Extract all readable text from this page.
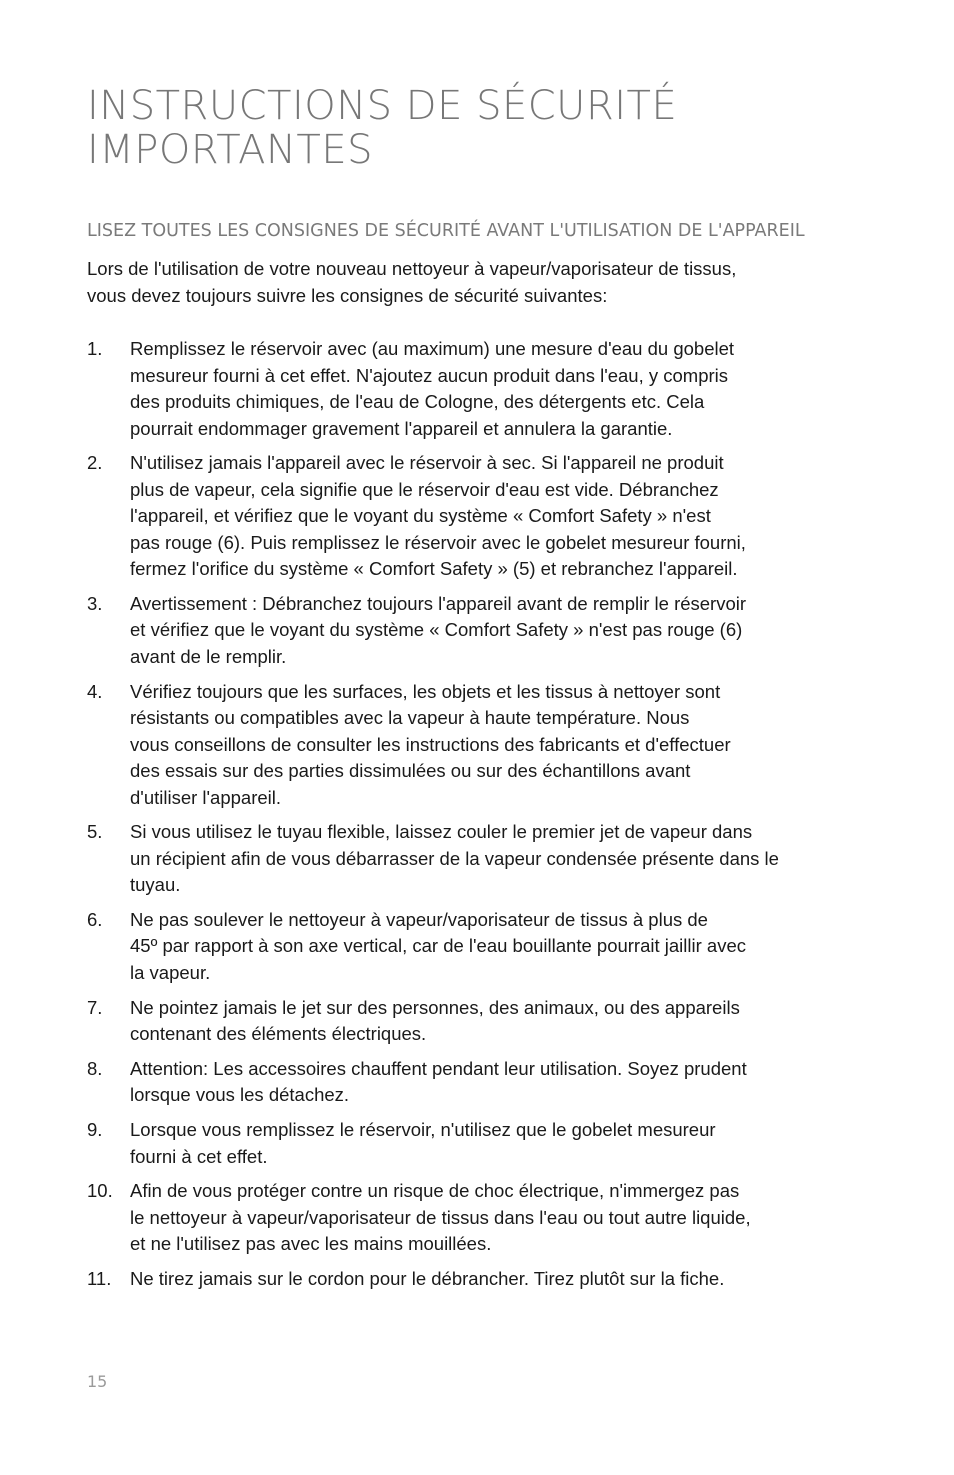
INSTRUCTIONS DE SÉCURITÉ
IMPORTANTES

LISEZ TOUTES LES CONSIGNES DE SÉCURITÉ AVANT L'UTILISATION DE L'APPAREIL

Lors de l'utilisation de votre nouveau nettoyeur à vapeur/vaporisateur de tissus,
vous devez toujours suivre les consignes de sécurité suivantes:

1. Remplissez le réservoir avec (au maximum) une mesure d'eau du gobelet
mesureur fourni à cet effet. N'ajoutez aucun produit dans l'eau, y compris
des produits chimiques, de l'eau de Cologne, des détergents etc. Cela
pourrait endommager gravement l'appareil et annulera la garantie.
2. N'utilisez jamais l'appareil avec le réservoir à sec. Si l'appareil ne produit
plus de vapeur, cela signifie que le réservoir d'eau est vide. Débranchez
l'appareil, et vérifiez que le voyant du système « Comfort Safety » n'est
pas rouge (6). Puis remplissez le réservoir avec le gobelet mesureur fourni,
fermez l'orifice du système « Comfort Safety » (5) et rebranchez l'appareil.
3. Avertissement : Débranchez toujours l'appareil avant de remplir le réservoir
et vérifiez que le voyant du système « Comfort Safety » n'est pas rouge (6)
avant de le remplir.
4. Vérifiez toujours que les surfaces, les objets et les tissus à nettoyer sont
résistants ou compatibles avec la vapeur à haute température. Nous
vous conseillons de consulter les instructions des fabricants et d'effectuer
des essais sur des parties dissimulées ou sur des échantillons avant
d'utiliser l'appareil.
5. Si vous utilisez le tuyau flexible, laissez couler le premier jet de vapeur dans
un récipient afin de vous débarrasser de la vapeur condensée présente dans le
tuyau.
6. Ne pas soulever le nettoyeur à vapeur/vaporisateur de tissus à plus de
45º par rapport à son axe vertical, car de l'eau bouillante pourrait jaillir avec
la vapeur.
7. Ne pointez jamais le jet sur des personnes, des animaux, ou des appareils
contenant des éléments électriques.
8. Attention: Les accessoires chauffent pendant leur utilisation. Soyez prudent
lorsque vous les détachez.
9. Lorsque vous remplissez le réservoir, n'utilisez que le gobelet mesureur
fourni à cet effet.
10. Afin de vous protéger contre un risque de choc électrique, n'immergez pas
le nettoyeur à vapeur/vaporisateur de tissus dans l'eau ou tout autre liquide,
et ne l'utilisez pas avec les mains mouillées.
11. Ne tirez jamais sur le cordon pour le débrancher. Tirez plutôt sur la fiche.

15
